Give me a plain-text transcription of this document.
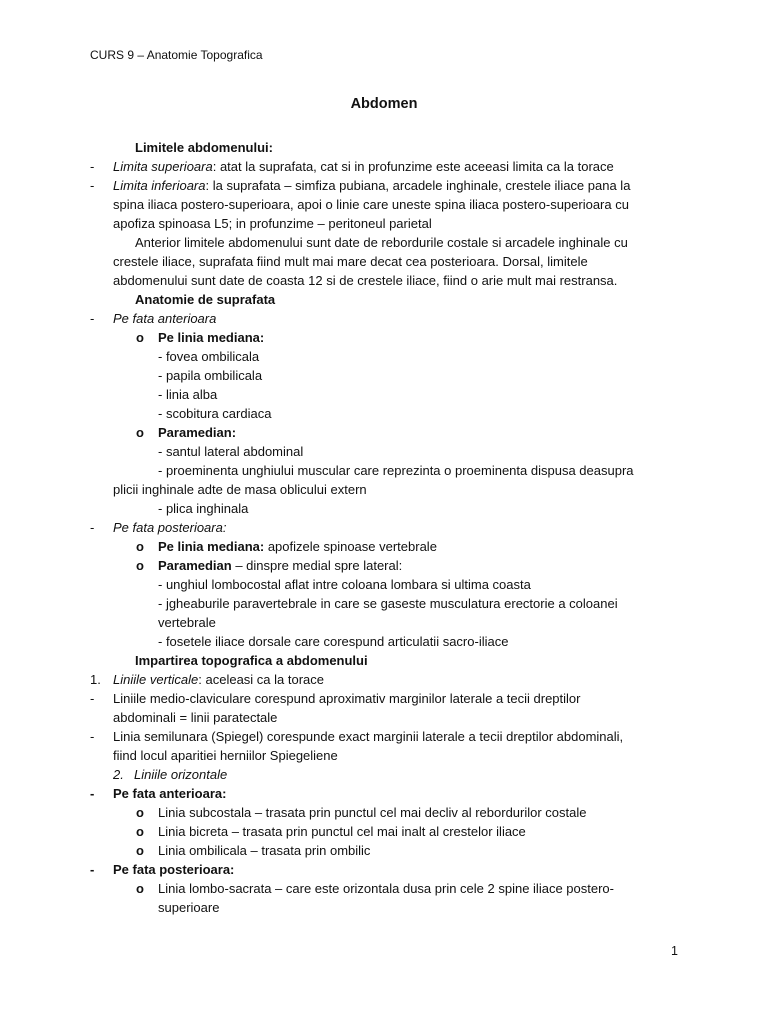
CURS 9 – Anatomie Topografica
Abdomen
Limitele abdomenului:
- Limita superioara: atat la suprafata, cat si in profunzime este aceeasi limita ca la torace
- Limita inferioara: la suprafata – simfiza pubiana, arcadele inghinale, crestele iliace pana la
spina iliaca postero-superioara, apoi o linie care uneste spina iliaca postero-superioara cu
apofiza spinoasa L5; in profunzime – peritoneul parietal
Anterior limitele abdomenului sunt date de rebordurile costale si arcadele inghinale cu
crestele iliace, suprafata fiind mult mai mare decat cea posterioara. Dorsal, limitele
abdomenului sunt date de coasta 12 si de crestele iliace, fiind o arie mult mai restransa.
Anatomie de suprafata
- Pe fata anterioara
o Pe linia mediana:
- fovea ombilicala
- papila ombilicala
- linia alba
- scobitura cardiaca
o Paramedian:
- santul lateral abdominal
- proeminenta unghiului muscular care reprezinta o proeminenta dispusa deasupra
plicii inghinale adte de masa oblicului extern
- plica inghinala
- Pe fata posterioara:
o Pe linia mediana: apofizele spinoase vertebrale
o Paramedian – dinspre medial spre lateral:
- unghiul lombocostal aflat intre coloana lombara si ultima coasta
- jgheaburile paravertebrale in care se gaseste musculatura erectorie a coloanei
vertebrale
- fosetele iliace dorsale care corespund articulatii sacro-iliace
Impartirea topografica a abdomenului
1. Liniile verticale: aceleasi ca la torace
- Liniile medio-claviculare corespund aproximativ marginilor laterale a tecii dreptilor
abdominali = linii paratectale
- Linia semilunara (Spiegel) corespunde exact marginii laterale a tecii dreptilor abdominali,
fiind locul aparitiei herniilor Spiegeliene
2. Liniile orizontale
- Pe fata anterioara:
o Linia subcostala – trasata prin punctul cel mai decliv al rebordurilor costale
o Linia bicreta – trasata prin punctul cel mai inalt al crestelor iliace
o Linia ombilicala – trasata prin ombilic
- Pe fata posterioara:
o Linia lombo-sacrata – care este orizontala dusa prin cele 2 spine iliace postero-
superioare
1
